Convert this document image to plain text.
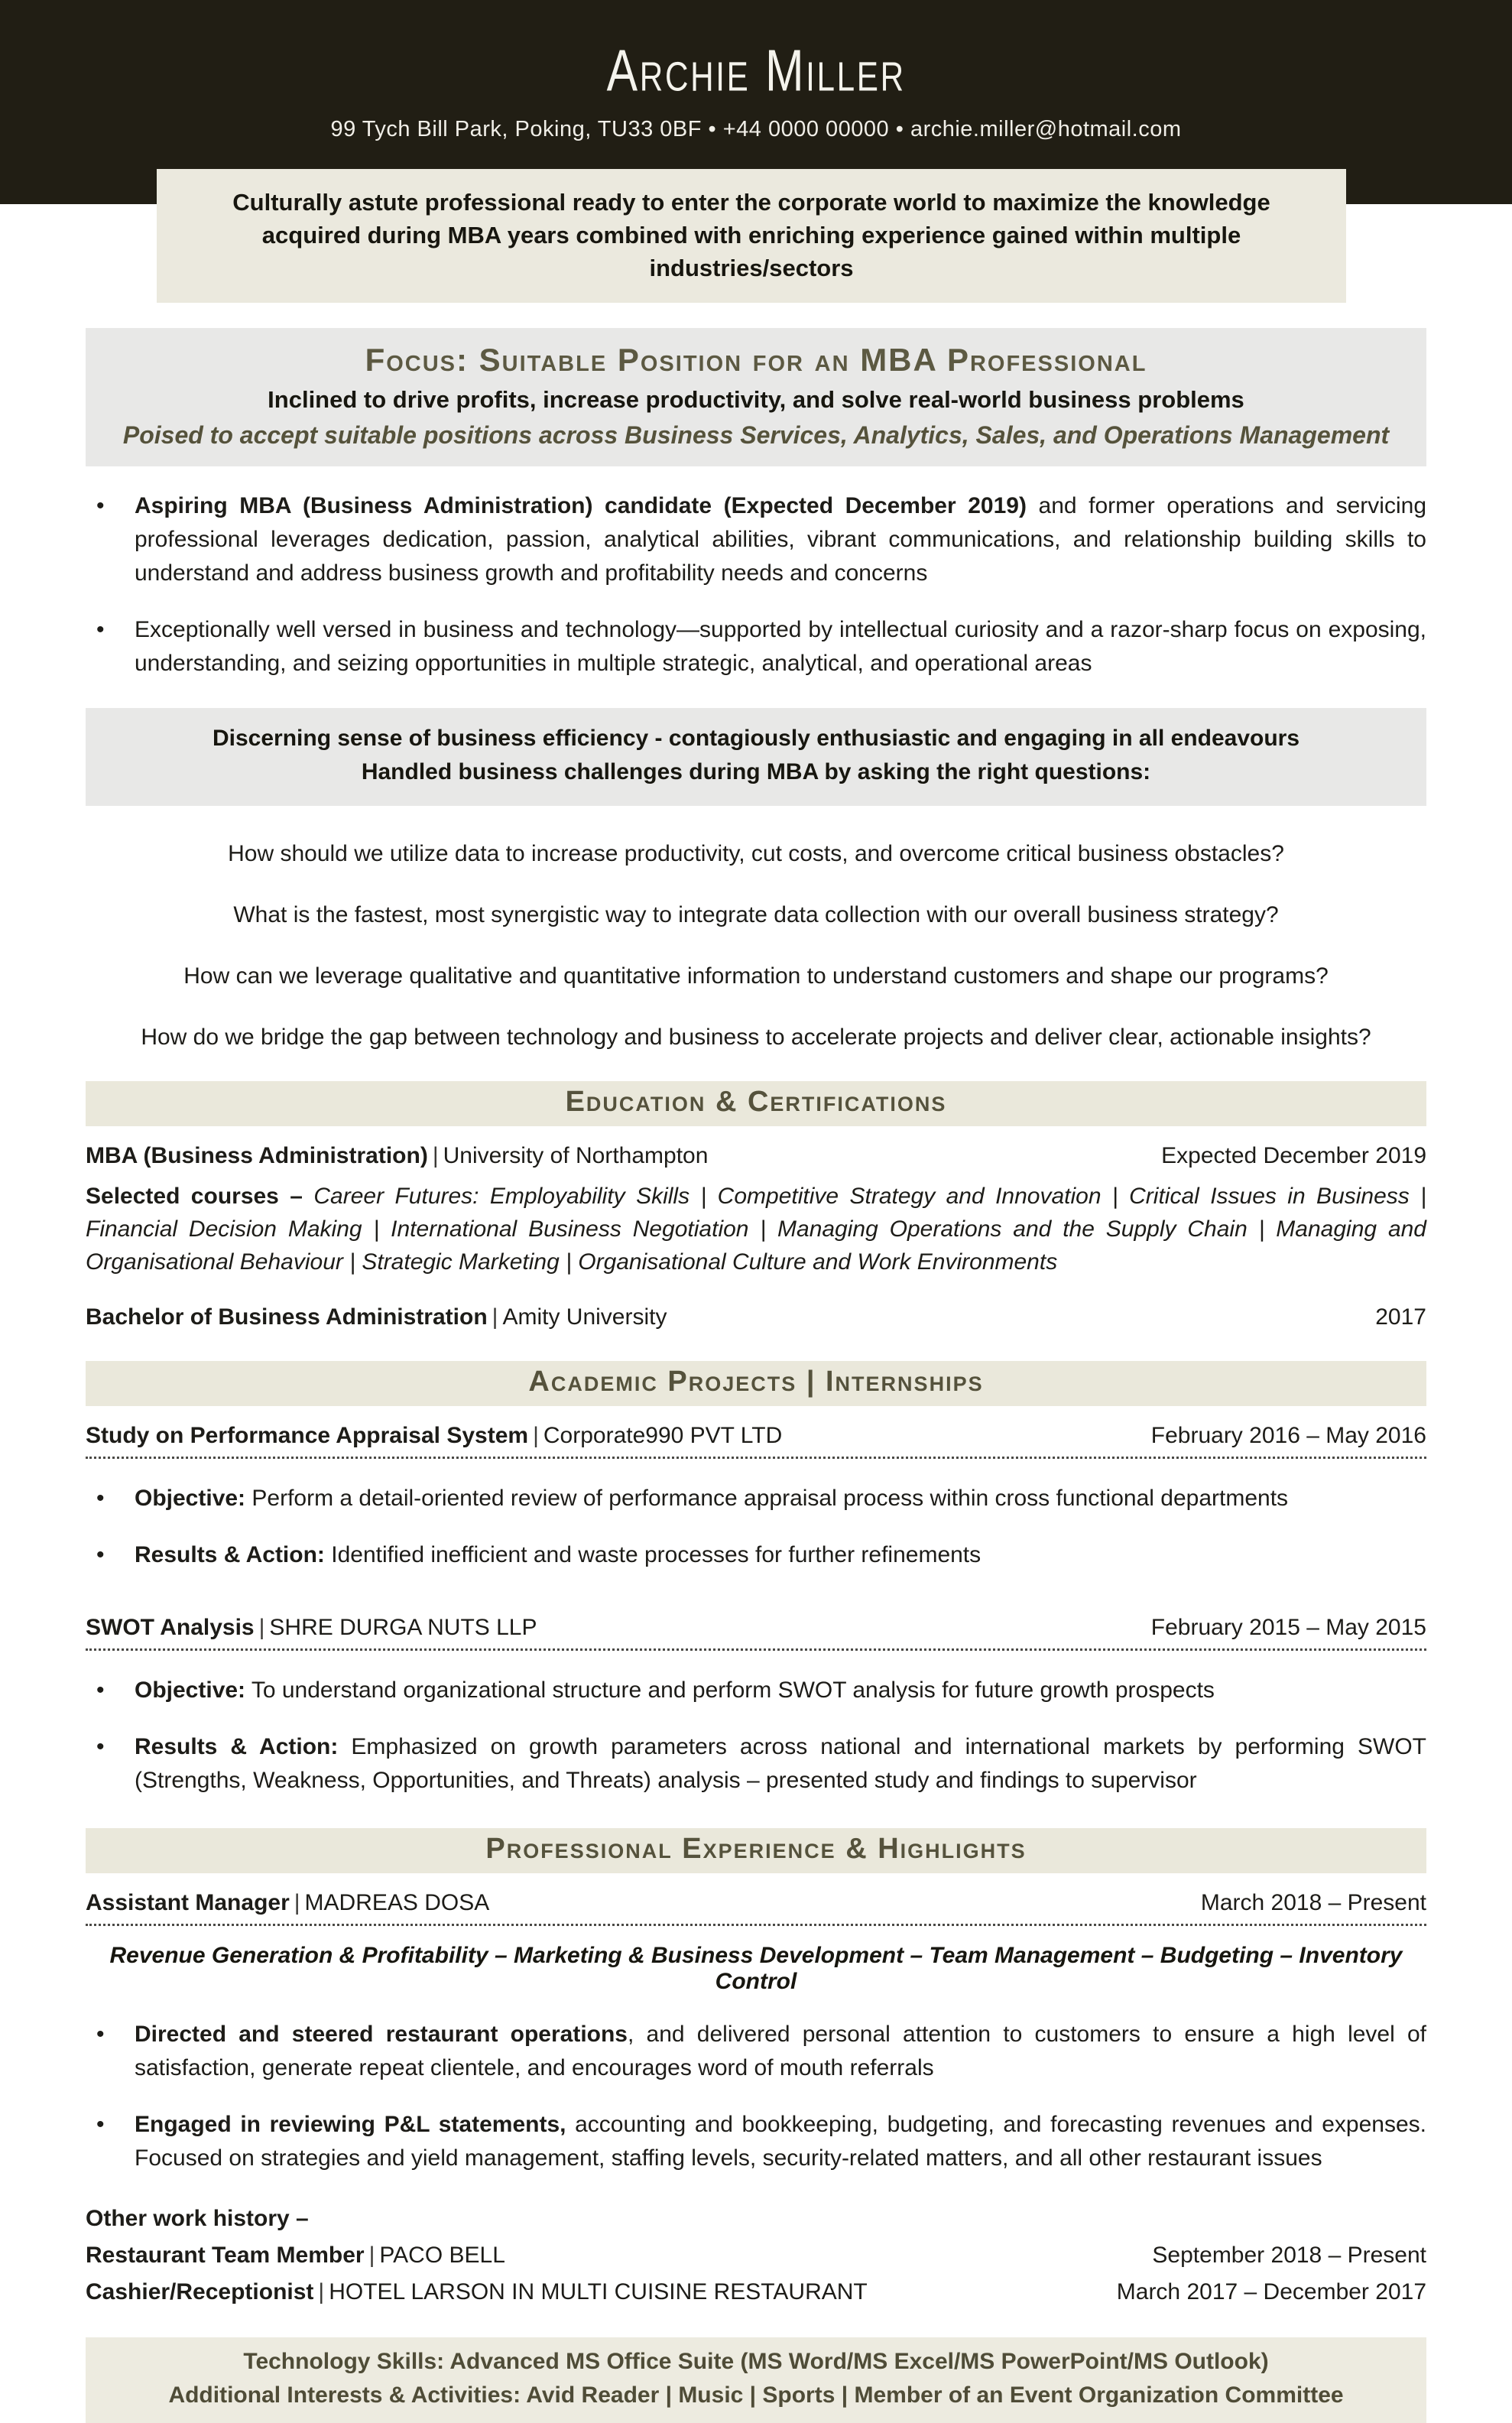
Archie Miller
99 Tych Bill Park, Poking, TU33 0BF • +44 0000 00000 • archie.miller@hotmail.com
Culturally astute professional ready to enter the corporate world to maximize the knowledge acquired during MBA years combined with enriching experience gained within multiple industries/sectors
Focus: Suitable Position for an MBA Professional
Inclined to drive profits, increase productivity, and solve real-world business problems
Poised to accept suitable positions across Business Services, Analytics, Sales, and Operations Management
•
Aspiring MBA (Business Administration) candidate (Expected December 2019) and former operations and servicing professional leverages dedication, passion, analytical abilities, vibrant communications, and relationship building skills to understand and address business growth and profitability needs and concerns
•
Exceptionally well versed in business and technology—supported by intellectual curiosity and a razor-sharp focus on exposing, understanding, and seizing opportunities in multiple strategic, analytical, and operational areas
Discerning sense of business efficiency - contagiously enthusiastic and engaging in all endeavours
Handled business challenges during MBA by asking the right questions:
How should we utilize data to increase productivity, cut costs, and overcome critical business obstacles?
What is the fastest, most synergistic way to integrate data collection with our overall business strategy?
How can we leverage qualitative and quantitative information to understand customers and shape our programs?
How do we bridge the gap between technology and business to accelerate projects and deliver clear, actionable insights?
Education & Certifications
MBA (Business Administration) | University of Northampton	Expected December 2019
Selected courses – Career Futures: Employability Skills | Competitive Strategy and Innovation | Critical Issues in Business | Financial Decision Making | International Business Negotiation | Managing Operations and the Supply Chain | Managing and Organisational Behaviour | Strategic Marketing | Organisational Culture and Work Environments
Bachelor of Business Administration | Amity University	2017
Academic Projects | Internships
Study on Performance Appraisal System | Corporate990 PVT LTD	February 2016 – May 2016
•
Objective: Perform a detail-oriented review of performance appraisal process within cross functional departments
•
Results & Action: Identified inefficient and waste processes for further refinements
SWOT Analysis | SHRE DURGA NUTS LLP	February 2015 – May 2015
•
Objective: To understand organizational structure and perform SWOT analysis for future growth prospects
•
Results & Action: Emphasized on growth parameters across national and international markets by performing SWOT (Strengths, Weakness, Opportunities, and Threats) analysis – presented study and findings to supervisor
Professional Experience & Highlights
Assistant Manager | MADREAS DOSA	March 2018 – Present
Revenue Generation & Profitability – Marketing & Business Development – Team Management – Budgeting – Inventory Control
•
Directed and steered restaurant operations, and delivered personal attention to customers to ensure a high level of satisfaction, generate repeat clientele, and encourages word of mouth referrals
•
Engaged in reviewing P&L statements, accounting and bookkeeping, budgeting, and forecasting revenues and expenses. Focused on strategies and yield management, staffing levels, security-related matters, and all other restaurant issues
Other work history –
Restaurant Team Member | PACO BELL	September 2018 – Present
Cashier/Receptionist | HOTEL LARSON IN MULTI CUISINE RESTAURANT	March 2017 – December 2017
Technology Skills: Advanced MS Office Suite (MS Word/MS Excel/MS PowerPoint/MS Outlook)
Additional Interests & Activities: Avid Reader | Music | Sports | Member of an Event Organization Committee
